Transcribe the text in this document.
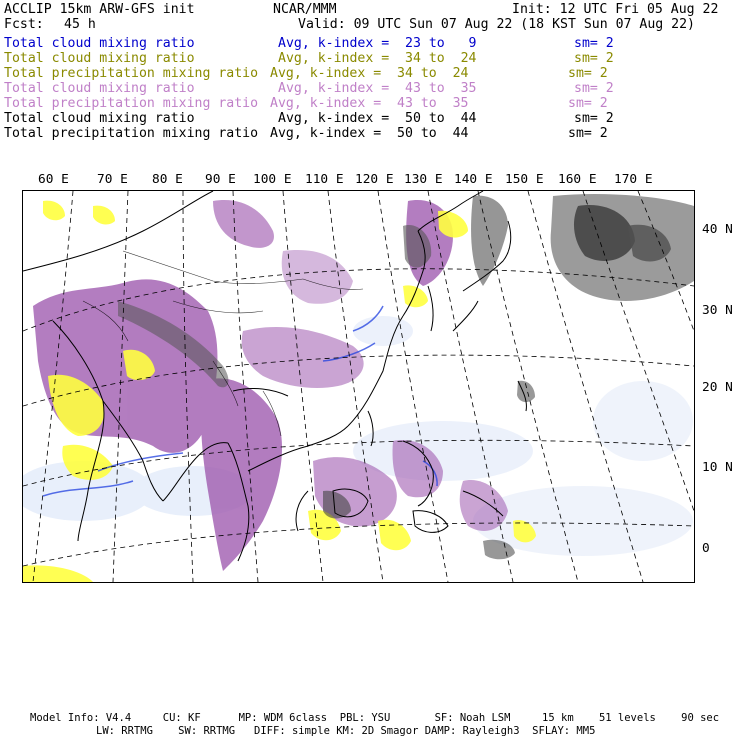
ACCLIP 15km ARW-GFS init	NCAR/MMM	Init: 12 UTC Fri 05 Aug 22
Fcst: 45 h	Valid: 09 UTC Sun 07 Aug 22 (18 KST Sun 07 Aug 22)
Total cloud mixing ratio	Avg, k-index =  23 to   9	sm= 2
Total cloud mixing ratio	Avg, k-index =  34 to  24	sm= 2
Total precipitation mixing ratio Avg, k-index =  34 to  24	sm= 2
Total cloud mixing ratio	Avg, k-index =  43 to  35	sm= 2
Total precipitation mixing ratio Avg, k-index =  43 to  35	sm= 2
Total cloud mixing ratio	Avg, k-index =  50 to  44	sm= 2
Total precipitation mixing ratio Avg, k-index =  50 to  44	sm= 2
60 E 70 E 80 E 90 E 100 E 110 E 120 E 130 E 140 E 150 E 160 E 170 E
40 N
30 N
20 N
10 N
0
Model Info: V4.4     CU: KF      MP: WDM 6class  PBL: YSU       SF: Noah LSM     15 km    51 levels    90 sec
LW: RRTMG    SW: RRTMG   DIFF: simple KM: 2D Smagor DAMP: Rayleigh3  SFLAY: MM5
